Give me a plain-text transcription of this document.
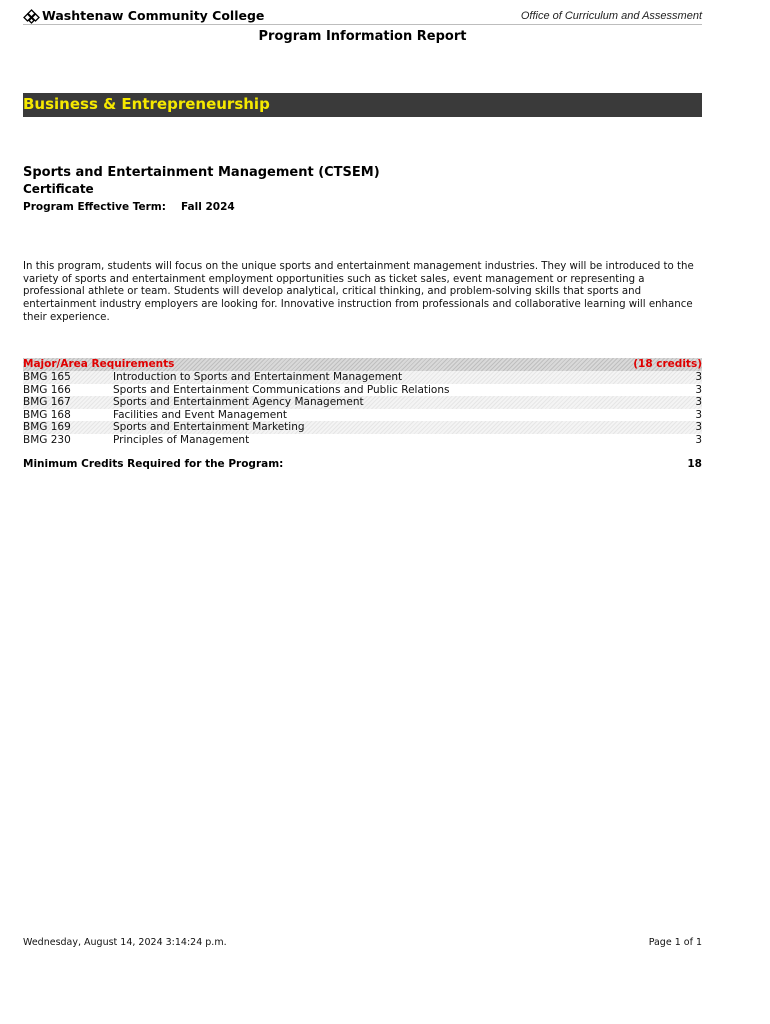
Washtenaw Community College	Office of Curriculum and Assessment
Program Information Report
Business & Entrepreneurship
Sports and Entertainment Management (CTSEM)
Certificate
Program Effective Term: Fall 2024
In this program, students will focus on the unique sports and entertainment management industries. They will be introduced to the variety of sports and entertainment employment opportunities such as ticket sales, event management or representing a professional athlete or team. Students will develop analytical, critical thinking, and problem-solving skills that sports and entertainment industry employers are looking for. Innovative instruction from professionals and collaborative learning will enhance their experience.
Major/Area Requirements	(18 credits)
BMG 165	Introduction to Sports and Entertainment Management	3
BMG 166	Sports and Entertainment Communications and Public Relations	3
BMG 167	Sports and Entertainment Agency Management	3
BMG 168	Facilities and Event Management	3
BMG 169	Sports and Entertainment Marketing	3
BMG 230	Principles of Management	3
Minimum Credits Required for the Program:	18
Wednesday, August 14, 2024 3:14:24 p.m.	Page 1 of 1
